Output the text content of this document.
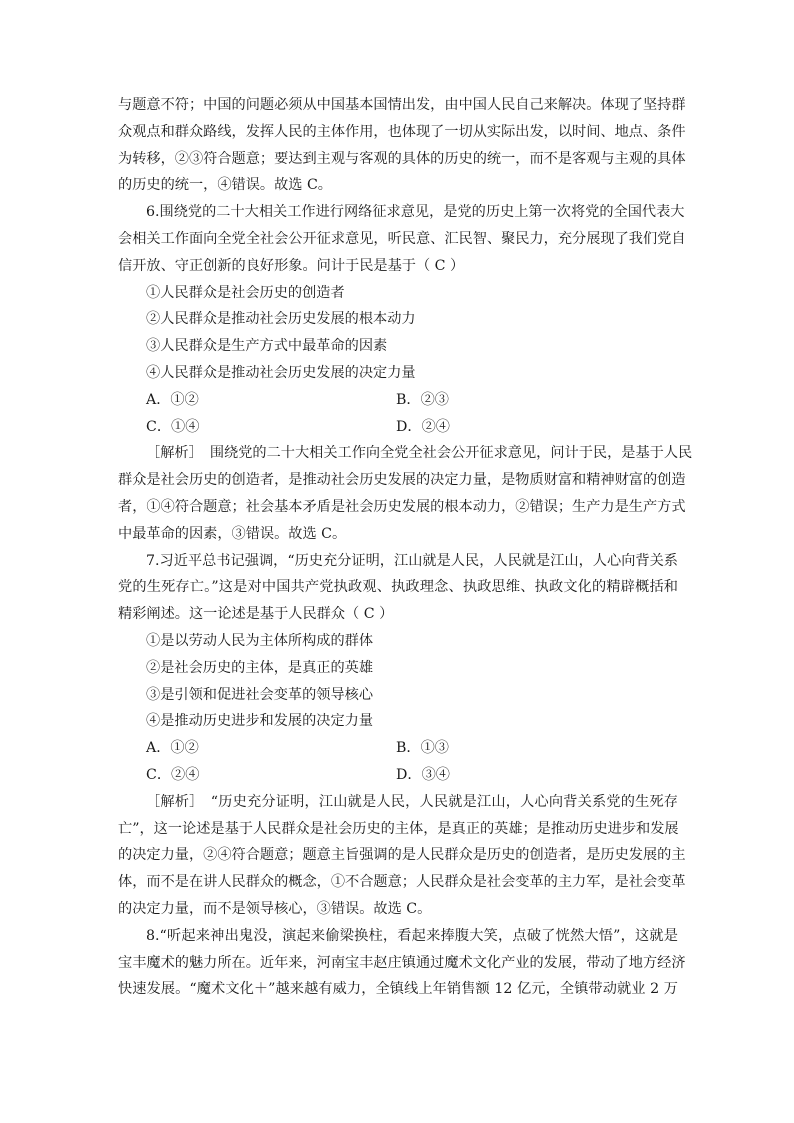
与题意不符；中国的问题必须从中国基本国情出发，由中国人民自己来解决。体现了坚持群
众观点和群众路线，发挥人民的主体作用，也体现了一切从实际出发，以时间、地点、条件
为转移，②③符合题意；要达到主观与客观的具体的历史的统一，而不是客观与主观的具体
的历史的统一，④错误。故选 C。
6.围绕党的二十大相关工作进行网络征求意见，是党的历史上第一次将党的全国代表大
会相关工作面向全党全社会公开征求意见，听民意、汇民智、聚民力，充分展现了我们党自
信开放、守正创新的良好形象。问计于民是基于（ C ）
①人民群众是社会历史的创造者
②人民群众是推动社会历史发展的根本动力
③人民群众是生产方式中最革命的因素
④人民群众是推动社会历史发展的决定力量
A．①②	B．②③
C．①④	D．②④
［解析］　围绕党的二十大相关工作向全党全社会公开征求意见，问计于民，是基于人民
群众是社会历史的创造者，是推动社会历史发展的决定力量，是物质财富和精神财富的创造
者，①④符合题意；社会基本矛盾是社会历史发展的根本动力，②错误；生产力是生产方式
中最革命的因素，③错误。故选 C。
7.习近平总书记强调，“历史充分证明，江山就是人民，人民就是江山，人心向背关系
党的生死存亡。”这是对中国共产党执政观、执政理念、执政思维、执政文化的精辟概括和
精彩阐述。这一论述是基于人民群众（ C ）
①是以劳动人民为主体所构成的群体
②是社会历史的主体，是真正的英雄
③是引领和促进社会变革的领导核心
④是推动历史进步和发展的决定力量
A．①②	B．①③
C．②④	D．③④
［解析］　“历史充分证明，江山就是人民，人民就是江山，人心向背关系党的生死存
亡”，这一论述是基于人民群众是社会历史的主体，是真正的英雄；是推动历史进步和发展
的决定力量，②④符合题意；题意主旨强调的是人民群众是历史的创造者，是历史发展的主
体，而不是在讲人民群众的概念，①不合题意；人民群众是社会变革的主力军，是社会变革
的决定力量，而不是领导核心，③错误。故选 C。
8.“听起来神出鬼没，演起来偷梁换柱，看起来捧腹大笑，点破了恍然大悟”，这就是
宝丰魔术的魅力所在。近年来，河南宝丰赵庄镇通过魔术文化产业的发展，带动了地方经济
快速发展。“魔术文化＋”越来越有威力，全镇线上年销售额 12 亿元，全镇带动就业 2 万
